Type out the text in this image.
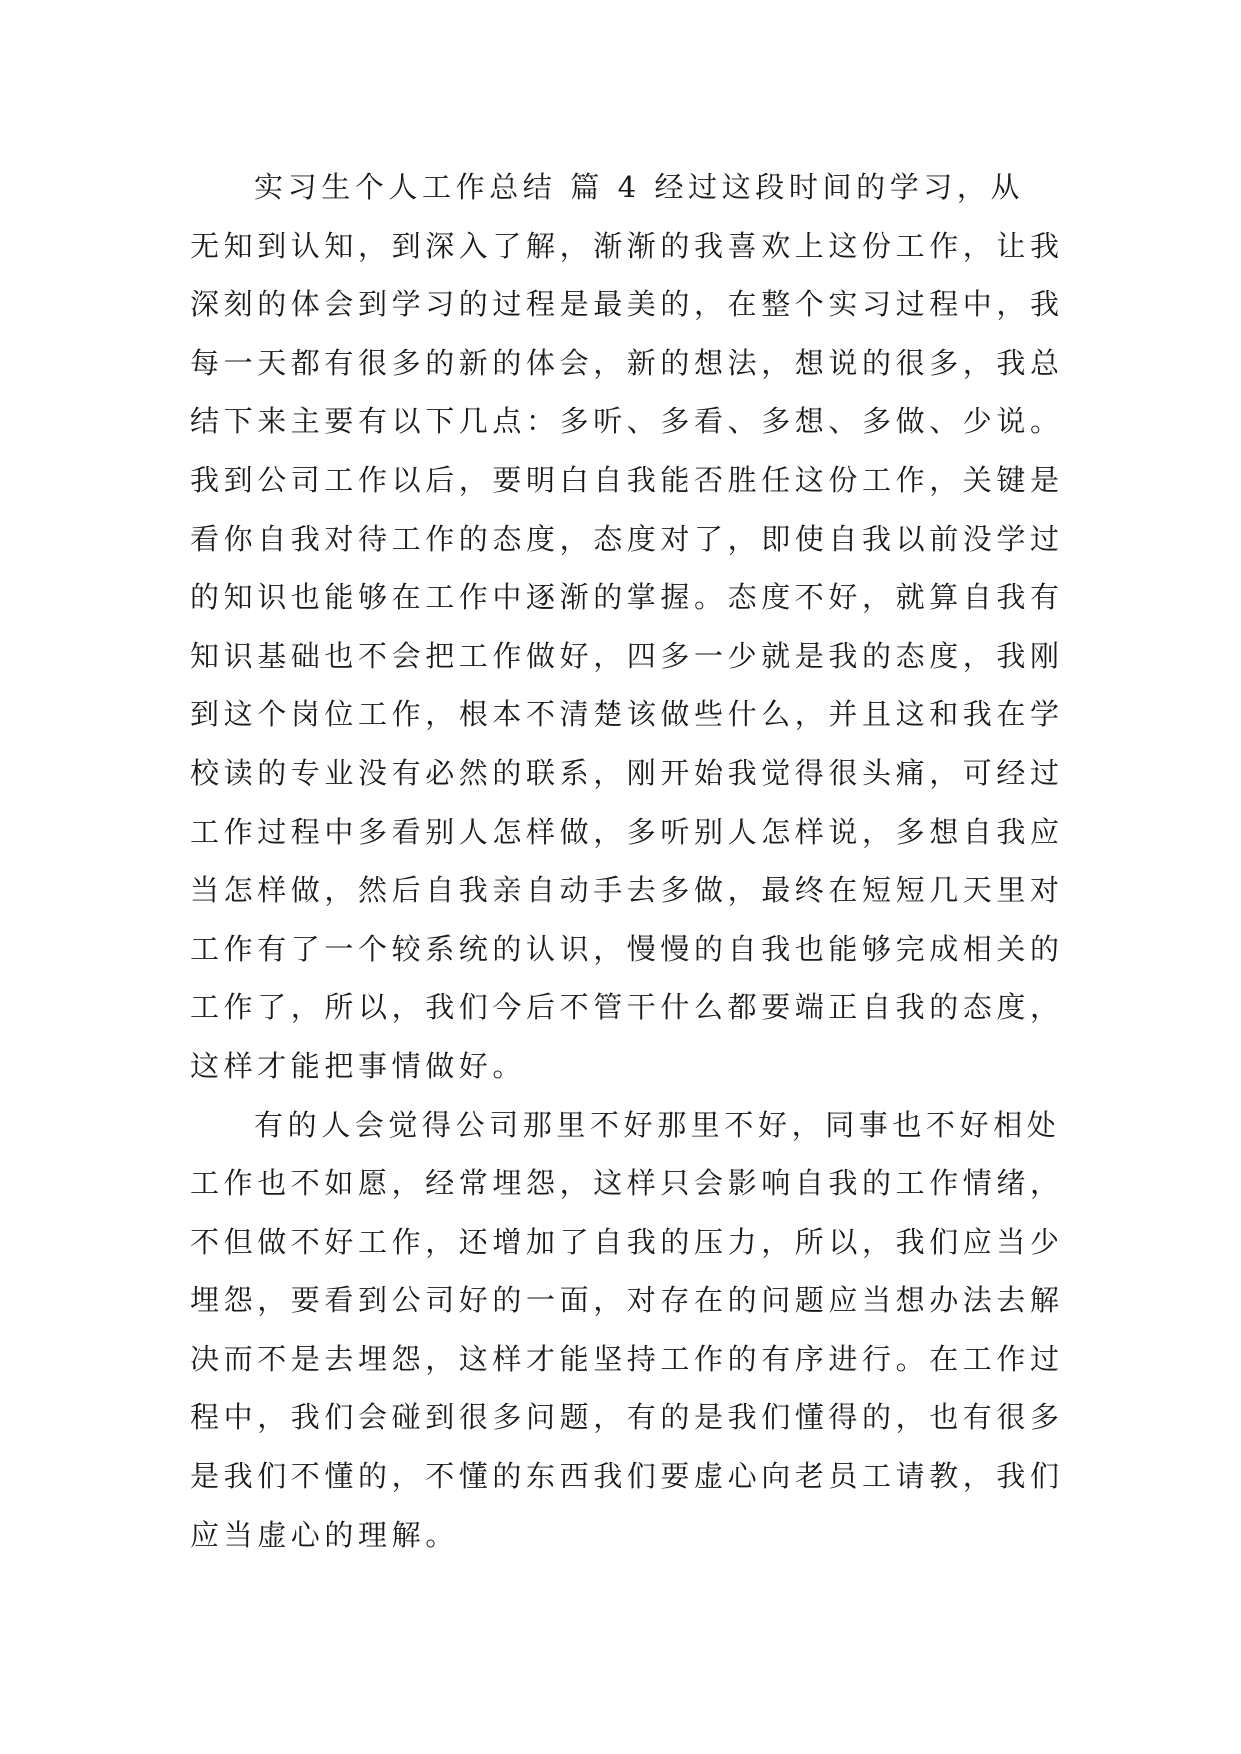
实习生个人工作总结 篇 4 经过这段时间的学习，从
无知到认知，到深入了解，渐渐的我喜欢上这份工作，让我
深刻的体会到学习的过程是最美的，在整个实习过程中，我
每一天都有很多的新的体会，新的想法，想说的很多，我总
结下来主要有以下几点：多听、多看、多想、多做、少说。
我到公司工作以后，要明白自我能否胜任这份工作，关键是
看你自我对待工作的态度，态度对了，即使自我以前没学过
的知识也能够在工作中逐渐的掌握。态度不好，就算自我有
知识基础也不会把工作做好，四多一少就是我的态度，我刚
到这个岗位工作，根本不清楚该做些什么，并且这和我在学
校读的专业没有必然的联系，刚开始我觉得很头痛，可经过
工作过程中多看别人怎样做，多听别人怎样说，多想自我应
当怎样做，然后自我亲自动手去多做，最终在短短几天里对
工作有了一个较系统的认识，慢慢的自我也能够完成相关的
工作了，所以，我们今后不管干什么都要端正自我的态度，
这样才能把事情做好。
有的人会觉得公司那里不好那里不好，同事也不好相处
工作也不如愿，经常埋怨，这样只会影响自我的工作情绪，
不但做不好工作，还增加了自我的压力，所以，我们应当少
埋怨，要看到公司好的一面，对存在的问题应当想办法去解
决而不是去埋怨，这样才能坚持工作的有序进行。在工作过
程中，我们会碰到很多问题，有的是我们懂得的，也有很多
是我们不懂的，不懂的东西我们要虚心向老员工请教，我们
应当虚心的理解。
